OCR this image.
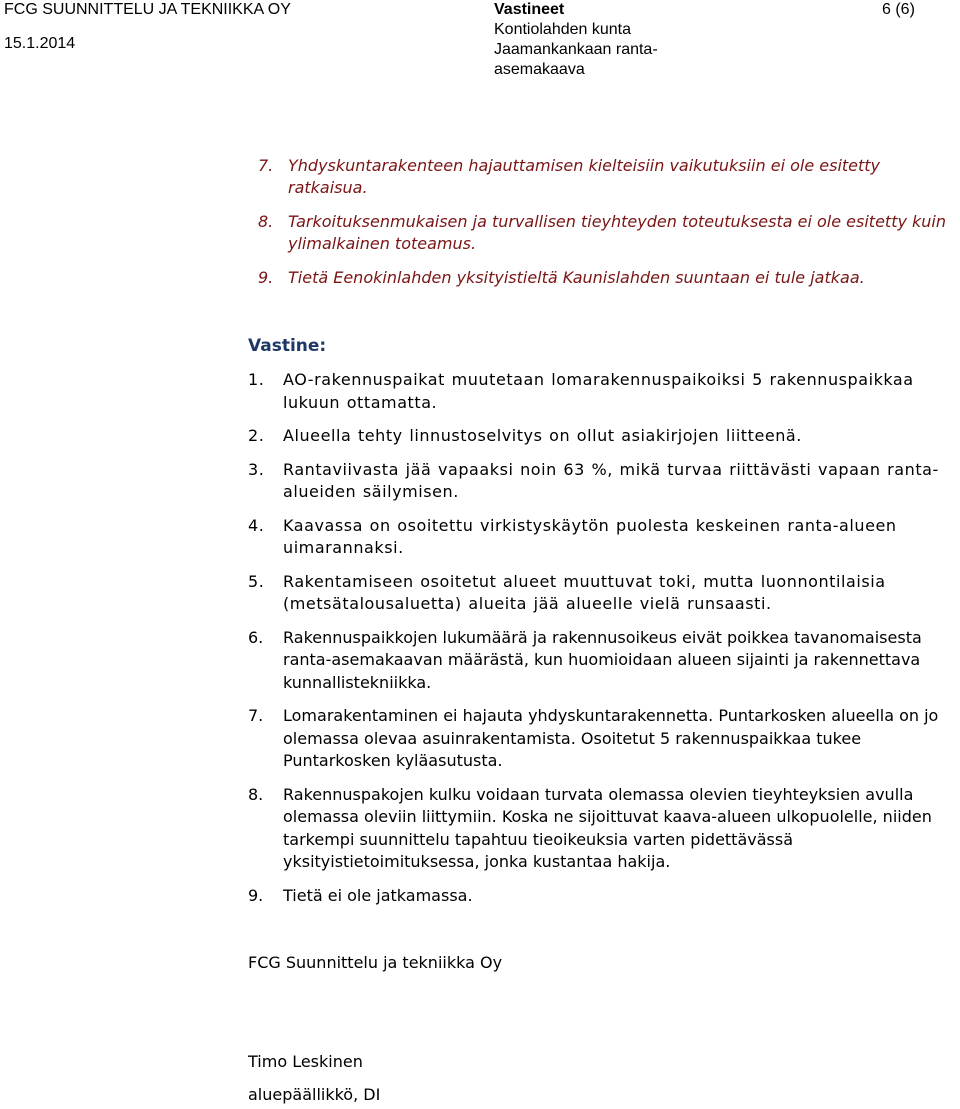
FCG SUUNNITTELU JA TEKNIIKKA OY
15.1.2014
Vastineet
Kontiolahden kunta
Jaamankankaan ranta-
asemakaava
6 (6)
7. Yhdyskuntarakenteen hajauttamisen kielteisiin vaikutuksiin ei ole esitetty ratkaisua.
8. Tarkoituksenmukaisen ja turvallisen tieyhteyden toteutuksesta ei ole esitetty kuin ylimalkainen toteamus.
9. Tietä Eenokinlahden yksityistieltä Kaunislahden suuntaan ei tule jatkaa.
Vastine:
1. AO-rakennuspaikat muutetaan lomarakennuspaikoiksi 5 rakennuspaikkaa lukuun ottamatta.
2. Alueella tehty linnustoselvitys on ollut asiakirjojen liitteenä.
3. Rantaviivasta jää vapaaksi noin 63 %, mikä turvaa riittävästi vapaan ranta-alueiden säilymisen.
4. Kaavassa on osoitettu virkistyskäytön puolesta keskeinen ranta-alueen uimarannaksi.
5. Rakentamiseen osoitetut alueet muuttuvat toki, mutta luonnontilaisia (metsätalousaluetta) alueita jää alueelle vielä runsaasti.
6. Rakennuspaikkojen lukumäärä ja rakennusoikeus eivät poikkea tavanomaisesta ranta-asemakaavan määrästä, kun huomioidaan alueen sijainti ja rakennettava kunnallistekniikka.
7. Lomarakentaminen ei hajauta yhdyskuntarakennetta. Puntarkosken alueella on jo olemassa olevaa asuinrakentamista. Osoitetut 5 rakennuspaikkaa tukee Puntarkosken kyläasutusta.
8. Rakennuspakojen kulku voidaan turvata olemassa olevien tieyhteyksien avulla olemassa oleviin liittymiin. Koska ne sijoittuvat kaava-alueen ulkopuolelle, niiden tarkempi suunnittelu tapahtuu tieoikeuksia varten pidettävässä yksityistietoimituksessa, jonka kustantaa hakija.
9. Tietä ei ole jatkamassa.
FCG Suunnittelu ja tekniikka Oy
Timo Leskinen
aluepäällikkö, DI
